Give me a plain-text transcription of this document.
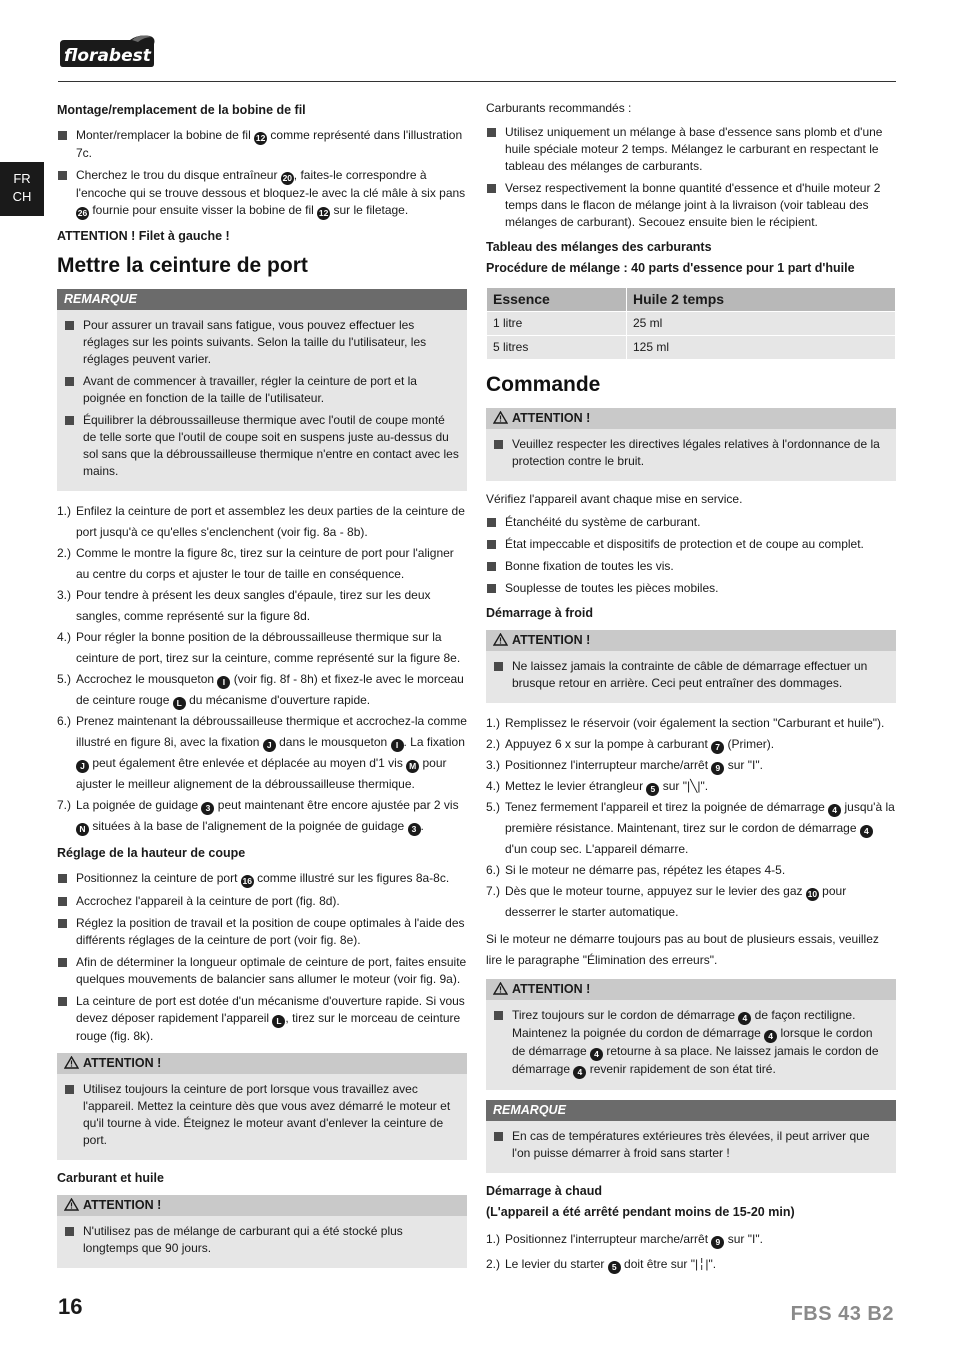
florabest
FR
CH
Montage/remplacement de la bobine de fil
Monter/remplacer la bobine de fil 12 comme représenté dans l'illustration 7c.
Cherchez le trou du disque entraîneur 20 , faites-le correspondre à l'encoche qui se trouve dessous et bloquez-le avec la clé mâle à six pans 26 fournie pour ensuite visser la bobine de fil 12 sur le filetage.
ATTENTION ! Filet à gauche !
Mettre la ceinture de port
REMARQUE
Pour assurer un travail sans fatigue, vous pouvez effectuer les réglages sur les points suivants. Selon la taille du l'utilisateur, les réglages peuvent varier.
Avant de commencer à travailler, régler la ceinture de port et la poignée en fonction de la taille de l'utilisateur.
Équilibrer la débroussailleuse thermique avec l'outil de coupe monté de telle sorte que l'outil de coupe soit en suspens juste au-dessus du sol sans que la débroussailleuse thermique n'entre en contact avec les mains.
1.) Enfilez la ceinture de port et assemblez les deux parties de la ceinture de port jusqu'à ce qu'elles s'enclenchent (voir fig. 8a - 8b).
2.) Comme le montre la figure 8c, tirez sur la ceinture de port pour l'aligner au centre du corps et ajuster le tour de taille en conséquence.
3.) Pour tendre à présent les deux sangles d'épaule, tirez sur les deux sangles, comme représenté sur la figure 8d.
4.) Pour régler la bonne position de la débroussailleuse thermique sur la ceinture de port, tirez sur la ceinture, comme représenté sur la figure 8e.
5.) Accrochez le mousqueton I (voir fig. 8f - 8h) et fixez-le avec le morceau de ceinture rouge L du mécanisme d'ouverture rapide.
6.) Prenez maintenant la débroussailleuse thermique et accrochez-la comme illustré en figure 8i, avec la fixation J dans le mousqueton I . La fixation J peut également être enlevée et déplacée au moyen d'1 vis M pour ajuster le meilleur alignement de la débroussailleuse thermique.
7.) La poignée de guidage 3 peut maintenant être encore ajustée par 2 vis N situées à la base de l'alignement de la poignée de guidage 3 .
Réglage de la hauteur de coupe
Positionnez la ceinture de port 16 comme illustré sur les figures 8a-8c.
Accrochez l'appareil à la ceinture de port (fig. 8d).
Réglez la position de travail et la position de coupe optimales à l'aide des différents réglages de la ceinture de port (voir fig. 8e).
Afin de déterminer la longueur optimale de ceinture de port, faites ensuite quelques mouvements de balancier sans allumer le moteur (voir fig. 9a).
La ceinture de port est dotée d'un mécanisme d'ouverture rapide. Si vous devez déposer rapidement l'appareil L , tirez sur le morceau de ceinture rouge (fig. 8k).
ATTENTION !
Utilisez toujours la ceinture de port lorsque vous travaillez avec l'appareil. Mettez la ceinture dès que vous avez démarré le moteur et qu'il tourne à vide. Éteignez le moteur avant d'enlever la ceinture de port.
Carburant et huile
ATTENTION !
N'utilisez pas de mélange de carburant qui a été stocké plus longtemps que 90 jours.

Carburants recommandés :

Utilisez uniquement un mélange à base d'essence sans plomb et d'une huile spéciale moteur 2 temps. Mélangez le carburant en respectant le tableau des mélanges de carburants.
Versez respectivement la bonne quantité d'essence et d'huile moteur 2 temps dans le flacon de mélange joint à la livraison (voir tableau des mélanges de carburant). Secouez ensuite bien le récipient.
Tableau des mélanges des carburants
Procédure de mélange : 40 parts d'essence pour 1 part d'huile
Essence	Huile 2 temps
1 litre	25 ml
5 litres	125 ml
Commande
ATTENTION !
Veuillez respecter les directives légales relatives à l'ordonnance de la protection contre le bruit.

Vérifiez l'appareil avant chaque mise en service.

Étanchéité du système de carburant.
État impeccable et dispositifs de protection et de coupe au complet.
Bonne fixation de toutes les vis.
Souplesse de toutes les pièces mobiles.
Démarrage à froid
ATTENTION !
Ne laissez jamais la contrainte de câble de démarrage effectuer un brusque retour en arrière. Ceci peut entraîner des dommages.
1.) Remplissez le réservoir (voir également la section "Carburant et huile").
2.) Appuyez 6 x sur la pompe à carburant 7 (Primer).
3.) Positionnez l'interrupteur marche/arrêt 9 sur "I".
4.) Mettez le levier étrangleur 5 sur "|╲|".
5.) Tenez fermement l'appareil et tirez la poignée de démarrage 4 jusqu'à la première résistance. Maintenant, tirez sur le cordon de démarrage 4 d'un coup sec. L'appareil démarre.
6.) Si le moteur ne démarre pas, répétez les étapes 4-5.
7.) Dès que le moteur tourne, appuyez sur le levier des gaz 10 pour desserrer le starter automatique.

Si le moteur ne démarre toujours pas au bout de plusieurs essais, veuillez lire le paragraphe "Élimination des erreurs".

ATTENTION !
Tirez toujours sur le cordon de démarrage 4 de façon rectiligne. Maintenez la poignée du cordon de démarrage 4 lorsque le cordon de démarrage 4 retourne à sa place. Ne laissez jamais le cordon de démarrage 4 revenir rapidement de son état tiré.
REMARQUE
En cas de températures extérieures très élevées, il peut arriver que l'on puisse démarrer à froid sans starter !
Démarrage à chaud
(L'appareil a été arrêté pendant moins de 15-20 min)
1.) Positionnez l'interrupteur marche/arrêt 9 sur "I".
2.) Le levier du starter 5 doit être sur "|╎|".
16	FBS 43 B2
